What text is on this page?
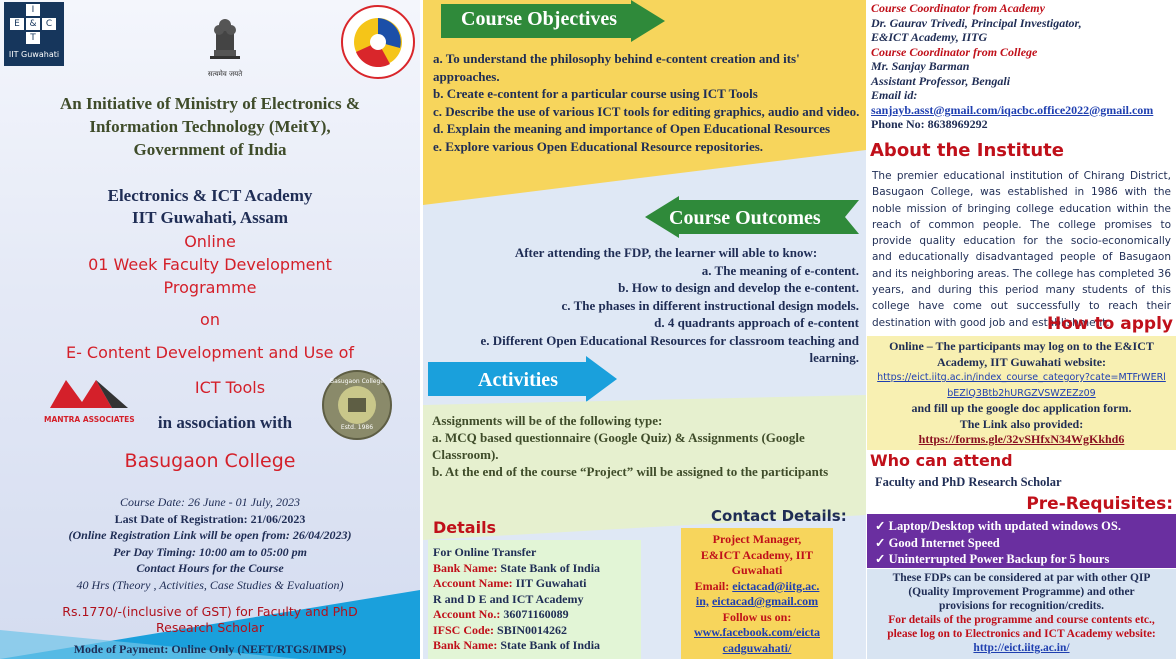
I
E	&	C
T
IIT Guwahati
सत्यमेव जयते
An Initiative of Ministry of Electronics &
Information Technology (MeitY),
Government of India
Electronics & ICT Academy
IIT Guwahati, Assam
Online
01 Week Faculty Development
Programme
on
E- Content Development and Use of
ICT Tools
MANTRA ASSOCIATES	in association with
Basugaon College
Estd. 1986
Basugaon College
Course Date: 26 June - 01 July, 2023
Last Date of Registration: 21/06/2023
(Online Registration Link will be open from: 26/04/2023)
Per Day Timing: 10:00 am to 05:00 pm
Contact Hours for the Course
40 Hrs (Theory , Activities, Case Studies & Evaluation)
Rs.1770/-(inclusive of GST) for Faculty and PhD
Research Scholar
Mode of Payment: Online Only (NEFT/RTGS/IMPS)
Course Objectives
a. To understand the philosophy behind e-content creation and its' approaches.
b. Create e-content for a particular course using ICT Tools
c. Describe the use of various ICT tools for editing graphics, audio and video.
d. Explain the meaning and importance of Open Educational Resources
e. Explore various Open Educational Resource repositories.
Course Outcomes
After attending the FDP, the learner will able to know:
a. The meaning of e-content.
b. How to design and develop the e-content.
c. The phases in different instructional design models.
d. 4 quadrants approach of e-content
e. Different Open Educational Resources for classroom teaching and learning.
Activities
Assignments will be of the following type:
a. MCQ based questionnaire (Google Quiz) & Assignments (Google Classroom).
b. At the end of the course “Project” will be assigned to the participants
Details
For Online Transfer
Bank Name: State Bank of India
Account Name: IIT Guwahati
R and D E and ICT Academy
Account No.: 36071160089
IFSC Code: SBIN0014262
Bank Name: State Bank of India
Contact Details:
Project Manager,
E&ICT Academy, IIT
Guwahati
Email: eictacad@iitg.ac.
in, eictacad@gmail.com
Follow us on:
www.facebook.com/eicta
cadguwahati/
Course Coordinator from Academy
Dr. Gaurav Trivedi, Principal Investigator,
E&ICT Academy, IITG
Course Coordinator from College
Mr. Sanjay Barman
Assistant Professor, Bengali
Email id:
sanjayb.asst@gmail.com/iqacbc.office2022@gmail.com
Phone No: 8638969292
About the Institute
The premier educational institution of Chirang District, Basugaon College, was established in 1986 with the noble mission of bringing college education within the reach of common people. The college promises to provide quality education for the socio-economically and educationally disadvantaged people of Basugaon and its neighboring areas. The college has completed 36 years, and during this period many students of this college have come out successfully to reach their destination with good job and establishment.
How to apply
Online – The participants may log on to the E&ICT Academy, IIT Guwahati website:
https://eict.iitg.ac.in/index_course_category?cate=MTFrWERl
bEZlQ3Btb2hURGZVSWZEZz09
and fill up the google doc application form.
The Link also provided:
https://forms.gle/32vSHfxN34WgKkhd6
Who can attend
Faculty and PhD Research Scholar
Pre-Requisites:
✓ Laptop/Desktop with updated windows OS.
✓ Good Internet Speed
✓ Uninterrupted Power Backup for 5 hours
These FDPs can be considered at par with other QIP (Quality Improvement Programme) and other provisions for recognition/credits.
For details of the programme and course contents etc., please log on to Electronics and ICT Academy website:
http://eict.iitg.ac.in/
